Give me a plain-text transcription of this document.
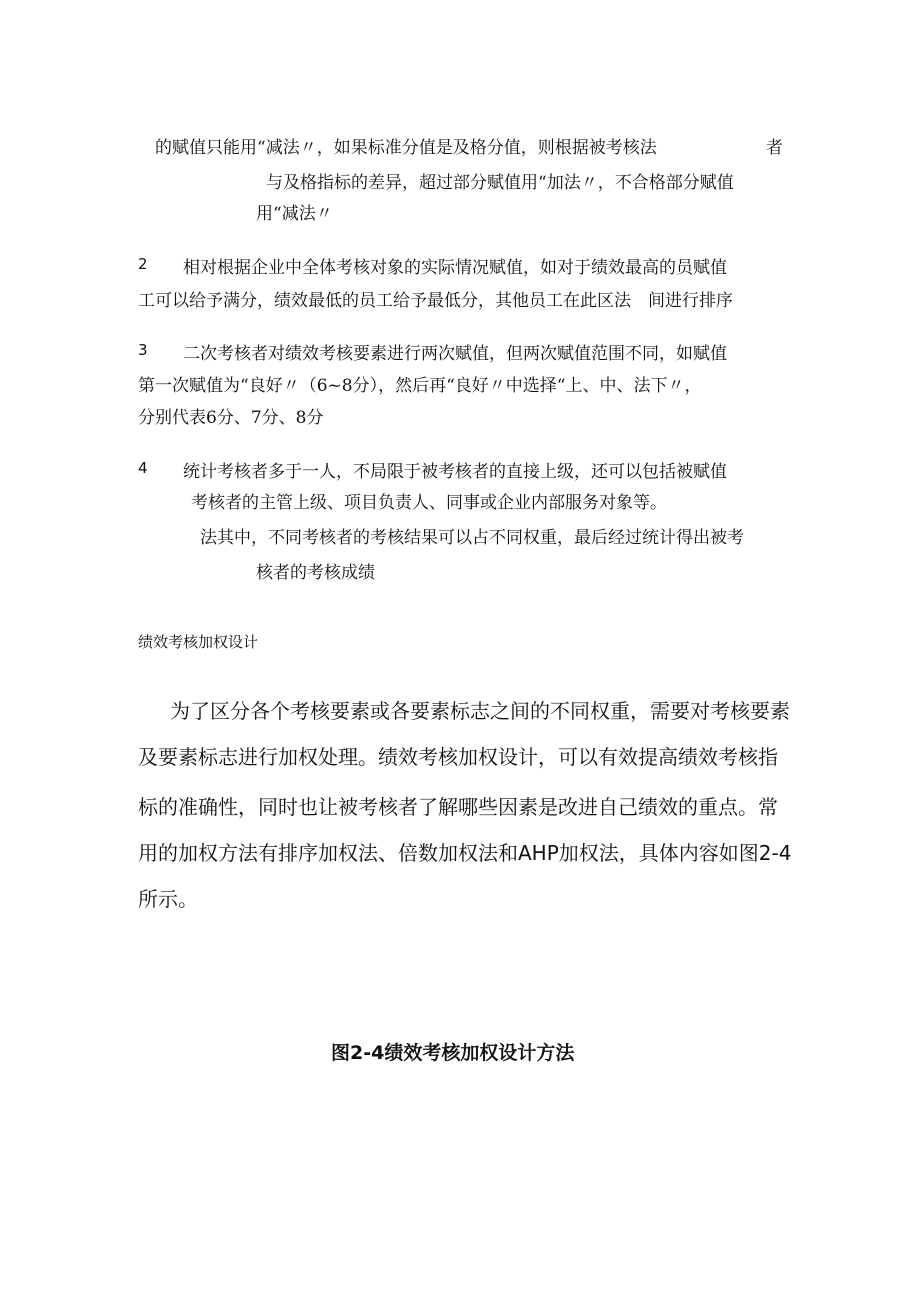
的赋值只能用“减法〃，如果标准分值是及格分值，则根据被考核法	者
与及格指标的差异，超过部分赋值用“加法〃，不合格部分赋值
用“减法〃
2 相对根据企业中全体考核对象的实际情况赋值，如对于绩效最高的员赋值
工可以给予满分，绩效最低的员工给予最低分，其他员工在此区法　间进行排序
3 二次考核者对绩效考核要素进行两次赋值，但两次赋值范围不同，如赋值
第一次赋值为“良好〃（6~8分），然后再“良好〃中选择“上、中、法下〃，
分别代表6分、7分、8分
4 统计考核者多于一人，不局限于被考核者的直接上级，还可以包括被赋值
考核者的主管上级、项目负责人、同事或企业内部服务对象等。
法其中，不同考核者的考核结果可以占不同权重，最后经过统计得出被考
核者的考核成绩
绩效考核加权设计
为了区分各个考核要素或各要素标志之间的不同权重，需要对考核要素
及要素标志进行加权处理。绩效考核加权设计，可以有效提高绩效考核指
标的准确性，同时也让被考核者了解哪些因素是改进自己绩效的重点。常
用的加权方法有排序加权法、倍数加权法和AHP加权法，具体内容如图2-4
所示。
图2-4绩效考核加权设计方法
